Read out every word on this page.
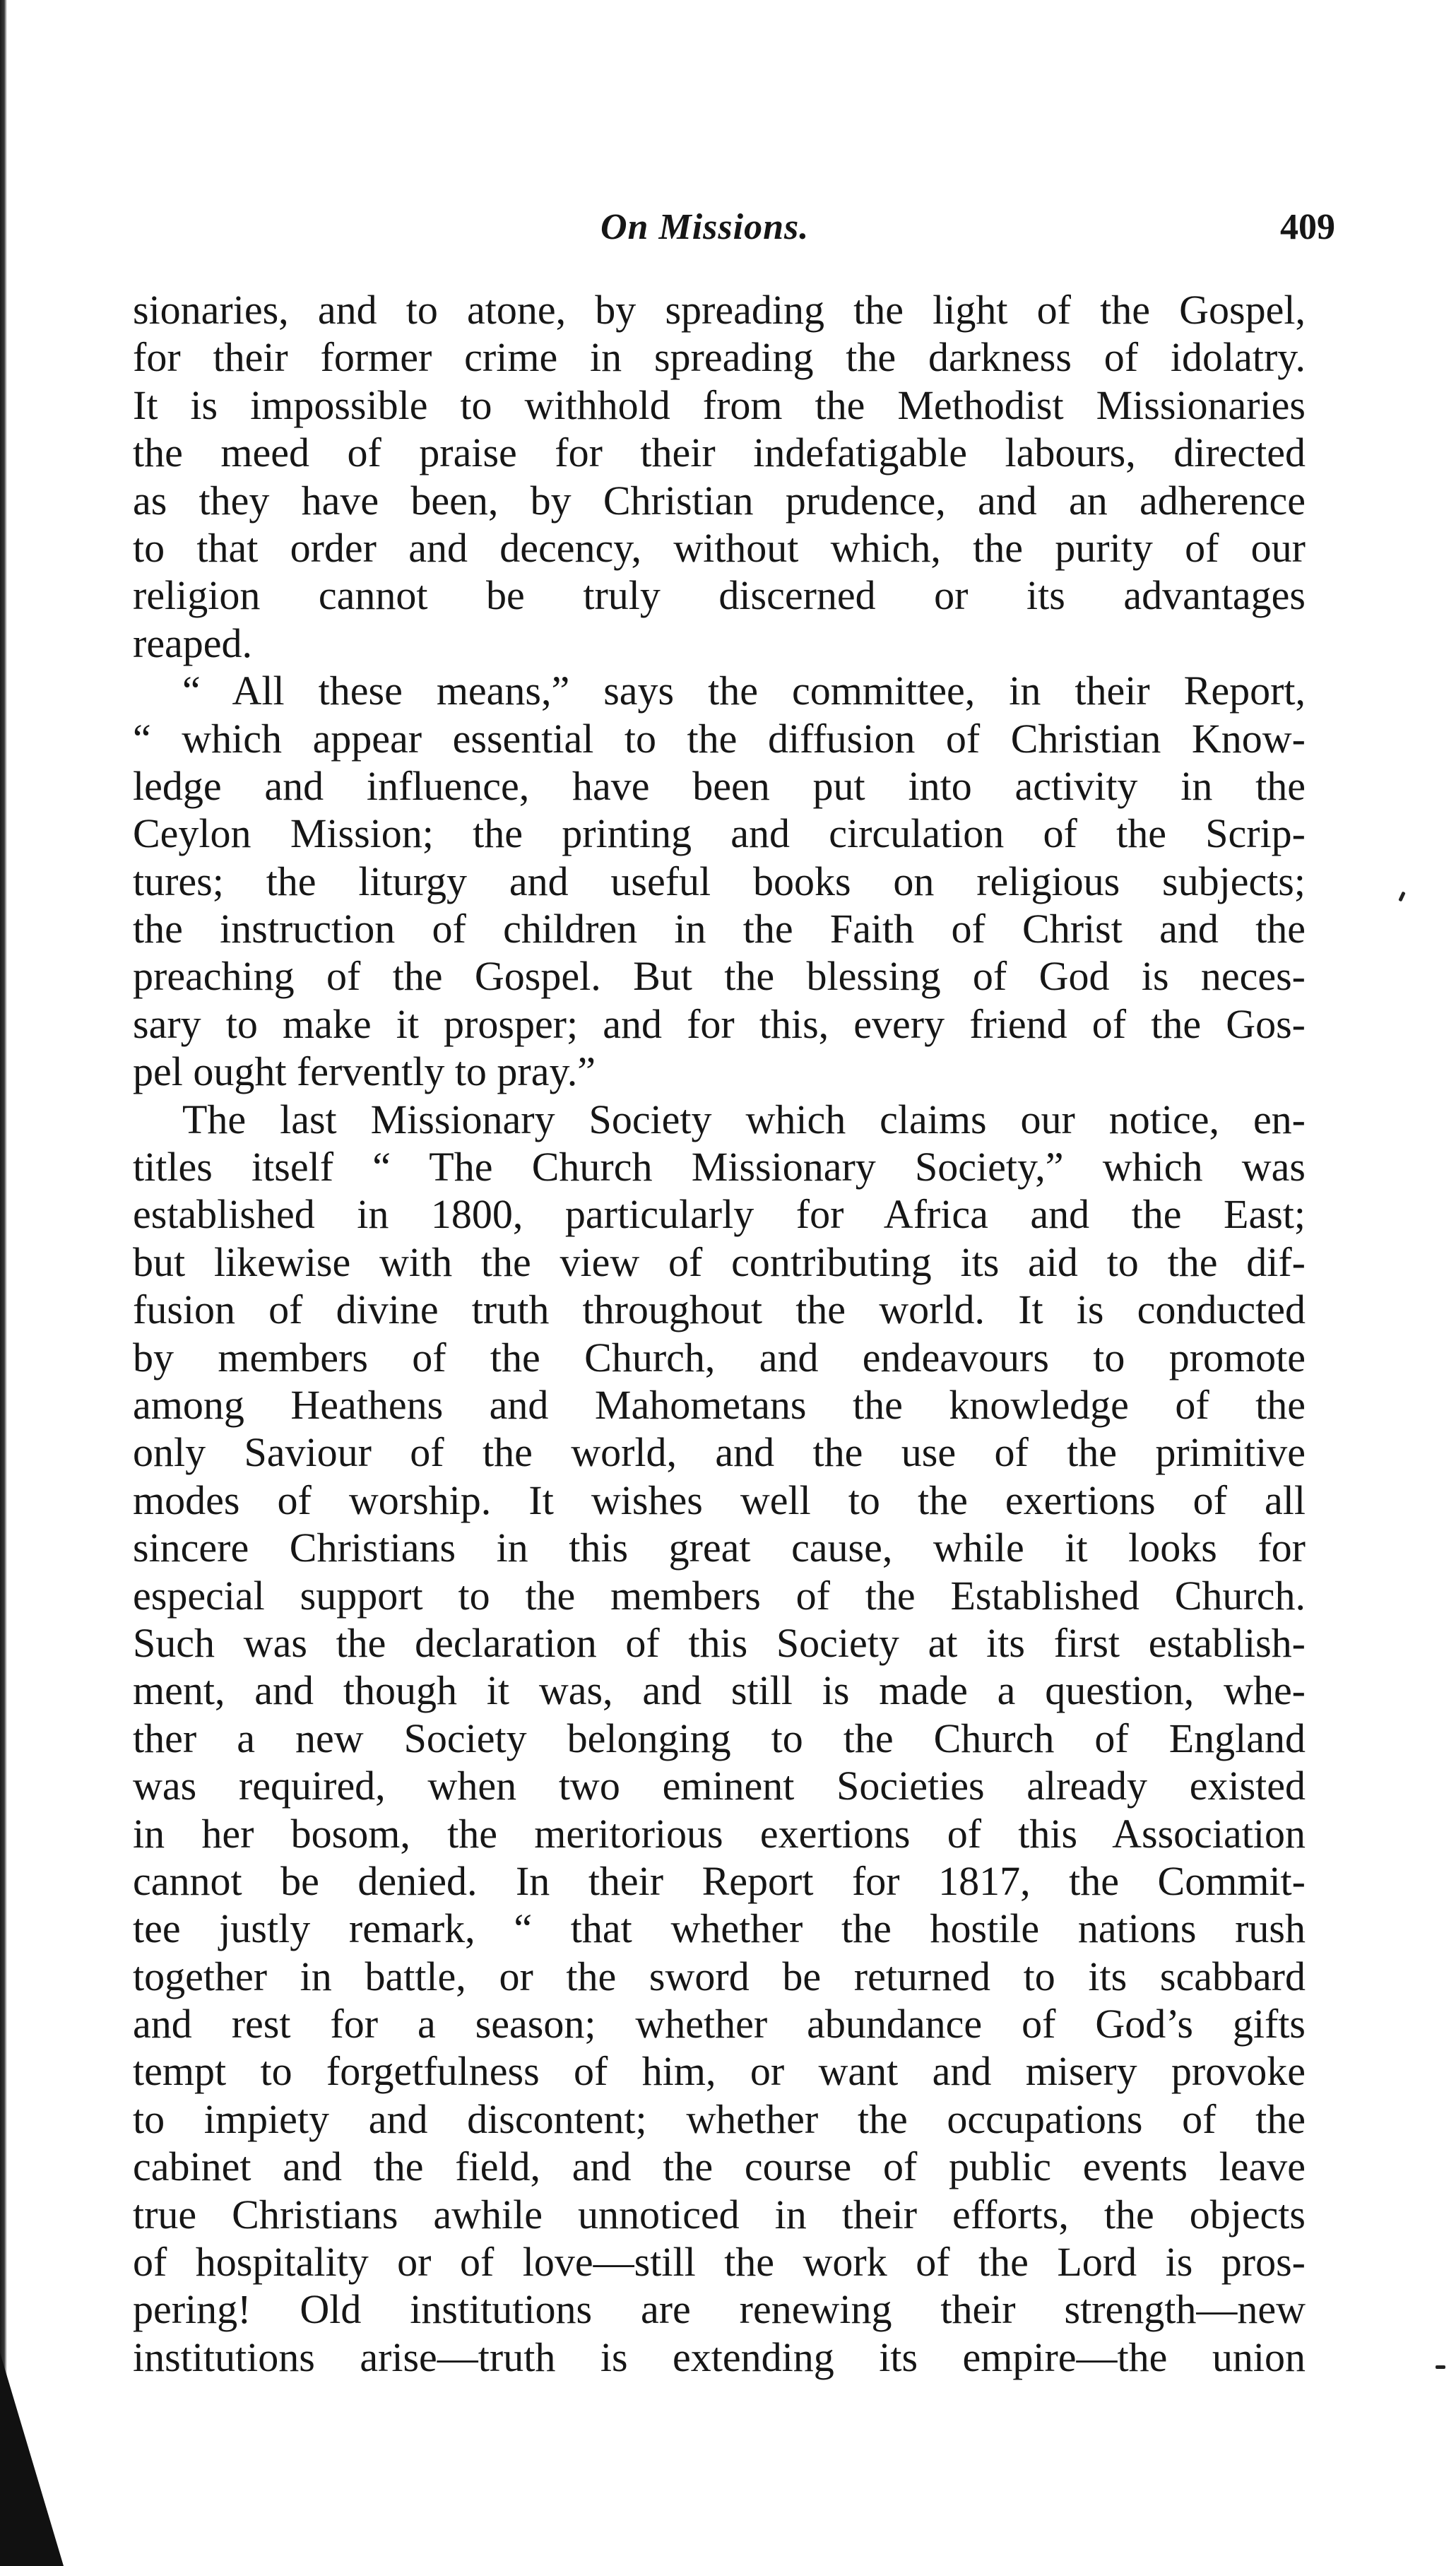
On Missions.	409
sionaries, and to atone, by spreading the light of the Gospel,
for their former crime in spreading the darkness of idolatry.
It is impossible to withhold from the Methodist Missionaries
the meed of praise for their indefatigable labours, directed
as they have been, by Christian prudence, and an adherence
to that order and decency, without which, the purity of our
religion cannot be truly discerned or its advantages
reaped.
“ All these means,” says the committee, in their Report,
“ which appear essential to the diffusion of Christian Know-
ledge and influence, have been put into activity in the
Ceylon Mission; the printing and circulation of the Scrip-
tures; the liturgy and useful books on religious subjects;
the instruction of children in the Faith of Christ and the
preaching of the Gospel. But the blessing of God is neces-
sary to make it prosper; and for this, every friend of the Gos-
pel ought fervently to pray.”
The last Missionary Society which claims our notice, en-
titles itself “ The Church Missionary Society,” which was
established in 1800, particularly for Africa and the East;
but likewise with the view of contributing its aid to the dif-
fusion of divine truth throughout the world. It is conducted
by members of the Church, and endeavours to promote
among Heathens and Mahometans the knowledge of the
only Saviour of the world, and the use of the primitive
modes of worship. It wishes well to the exertions of all
sincere Christians in this great cause, while it looks for
especial support to the members of the Established Church.
Such was the declaration of this Society at its first establish-
ment, and though it was, and still is made a question, whe-
ther a new Society belonging to the Church of England
was required, when two eminent Societies already existed
in her bosom, the meritorious exertions of this Association
cannot be denied. In their Report for 1817, the Commit-
tee justly remark, “ that whether the hostile nations rush
together in battle, or the sword be returned to its scabbard
and rest for a season; whether abundance of God’s gifts
tempt to forgetfulness of him, or want and misery provoke
to impiety and discontent; whether the occupations of the
cabinet and the field, and the course of public events leave
true Christians awhile unnoticed in their efforts, the objects
of hospitality or of love—still the work of the Lord is pros-
pering! Old institutions are renewing their strength—new
institutions arise—truth is extending its empire—the union
